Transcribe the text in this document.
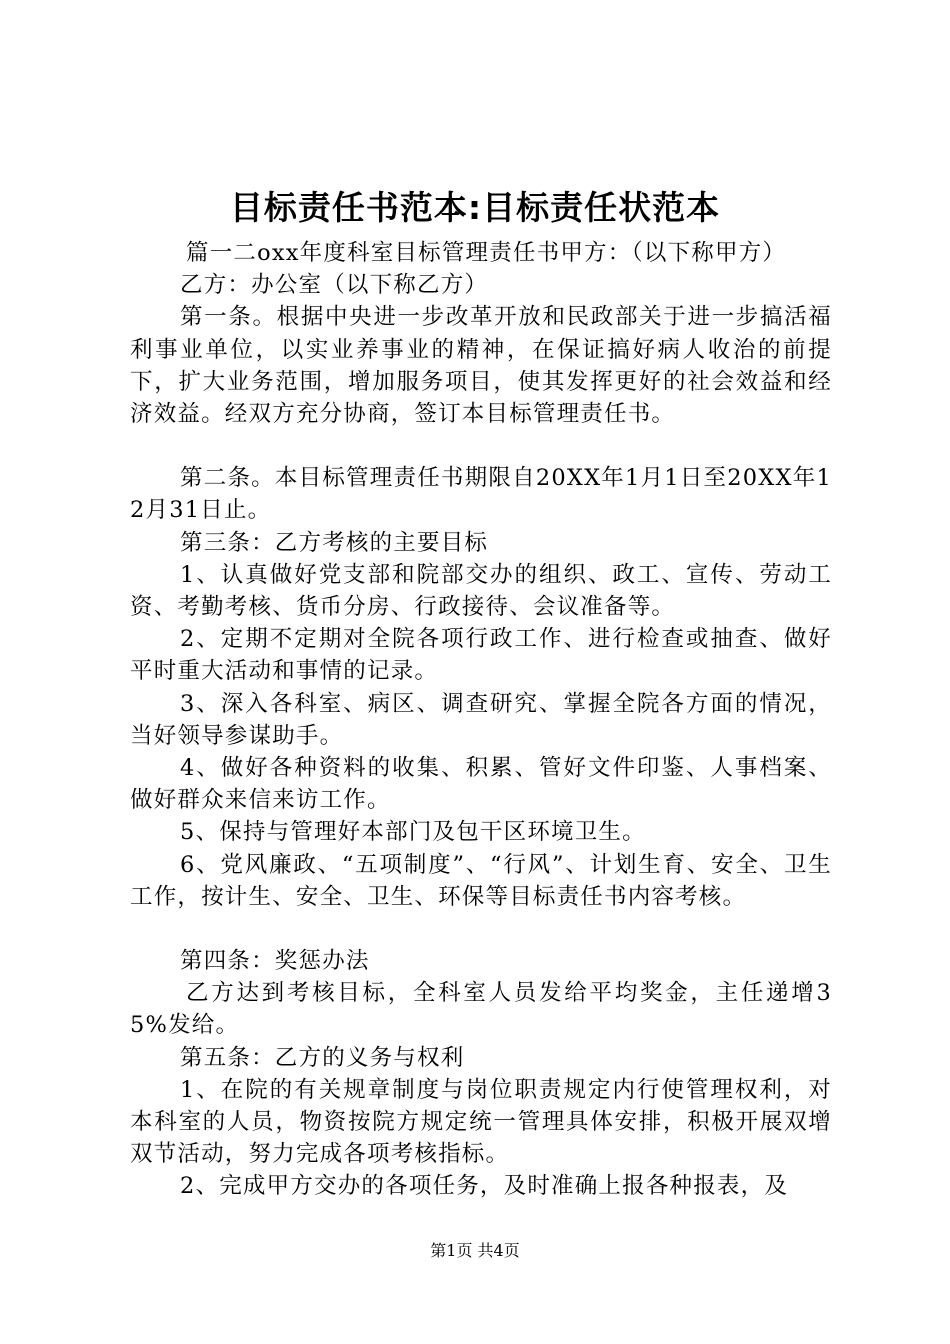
目标责任书范本:目标责任状范本

篇一二oxx年度科室目标管理责任书甲方：（以下称甲方）

乙方：办公室（以下称乙方）

第一条。根据中央进一步改革开放和民政部关于进一步搞活福利事业单位，以实业养事业的精神，在保证搞好病人收治的前提下，扩大业务范围，增加服务项目，使其发挥更好的社会效益和经济效益。经双方充分协商，签订本目标管理责任书。

第二条。本目标管理责任书期限自20XX年1月1日至20XX年12月31日止。

第三条：乙方考核的主要目标

1、认真做好党支部和院部交办的组织、政工、宣传、劳动工资、考勤考核、货币分房、行政接待、会议准备等。

2、定期不定期对全院各项行政工作、进行检查或抽查、做好平时重大活动和事情的记录。

3、深入各科室、病区、调查研究、掌握全院各方面的情况，当好领导参谋助手。

4、做好各种资料的收集、积累、管好文件印鉴、人事档案、做好群众来信来访工作。

5、保持与管理好本部门及包干区环境卫生。

6、党风廉政、“五项制度”、“行风”、计划生育、安全、卫生工作，按计生、安全、卫生、环保等目标责任书内容考核。

第四条：奖惩办法

乙方达到考核目标，全科室人员发给平均奖金，主任递增35%发给。

第五条：乙方的义务与权利

1、在院的有关规章制度与岗位职责规定内行使管理权利，对本科室的人员，物资按院方规定统一管理具体安排，积极开展双增双节活动，努力完成各项考核指标。

2、完成甲方交办的各项任务，及时准确上报各种报表，及

第1页 共4页
